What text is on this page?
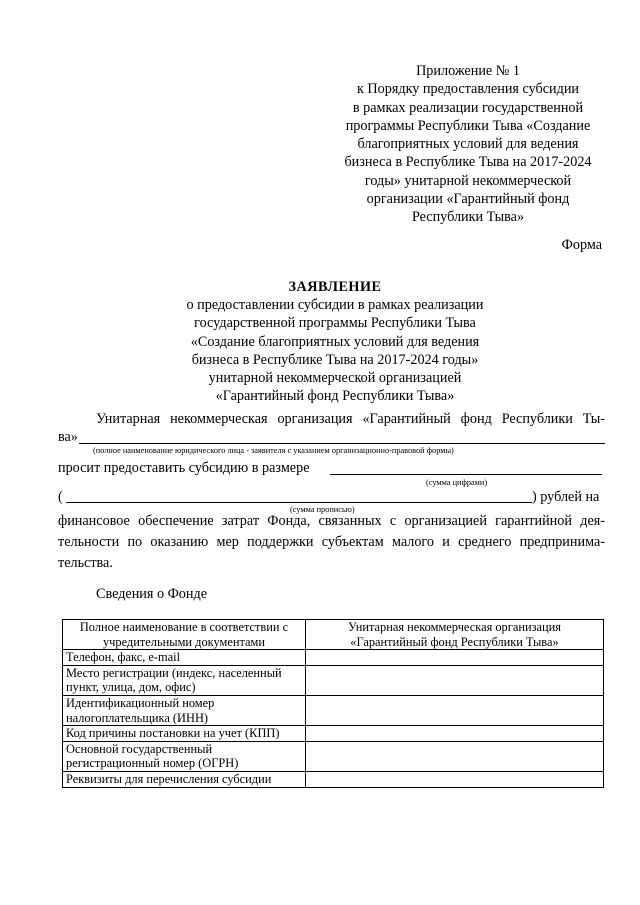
Приложение № 1
к Порядку предоставления субсидии
в рамках реализации государственной
программы Республики Тыва «Создание
благоприятных условий для ведения
бизнеса в Республике Тыва на 2017-2024
годы» унитарной некоммерческой
организации «Гарантийный фонд
Республики Тыва»
Форма
ЗАЯВЛЕНИЕ
о предоставлении субсидии в рамках реализации
государственной программы Республики Тыва
«Создание благоприятных условий для ведения
бизнеса в Республике Тыва на 2017-2024 годы»
унитарной некоммерческой организацией
«Гарантийный фонд Республики Тыва»
Унитарная некоммерческая организация «Гарантийный фонд Республики Ты-
ва»
(полное наименование юридического лица - заявителя с указанием организационно-правовой формы)
просит предоставить субсидию в размере
(сумма цифрами)
(	) рублей на
(сумма прописью)
финансовое обеспечение затрат Фонда, связанных с организацией гарантийной дея-
тельности по оказанию мер поддержки субъектам малого и среднего предпринима-
тельства.
Сведения о Фонде
Полное наименование в соответствии с учредительными документами	Унитарная некоммерческая организация «Гарантийный фонд Республики Тыва»
Телефон, факс, e-mail	
Место регистрации (индекс, населенный пункт, улица, дом, офис)	
Идентификационный номер налогоплательщика (ИНН)	
Код причины постановки на учет (КПП)	
Основной государственный регистрационный номер (ОГРН)	
Реквизиты для перечисления субсидии	
